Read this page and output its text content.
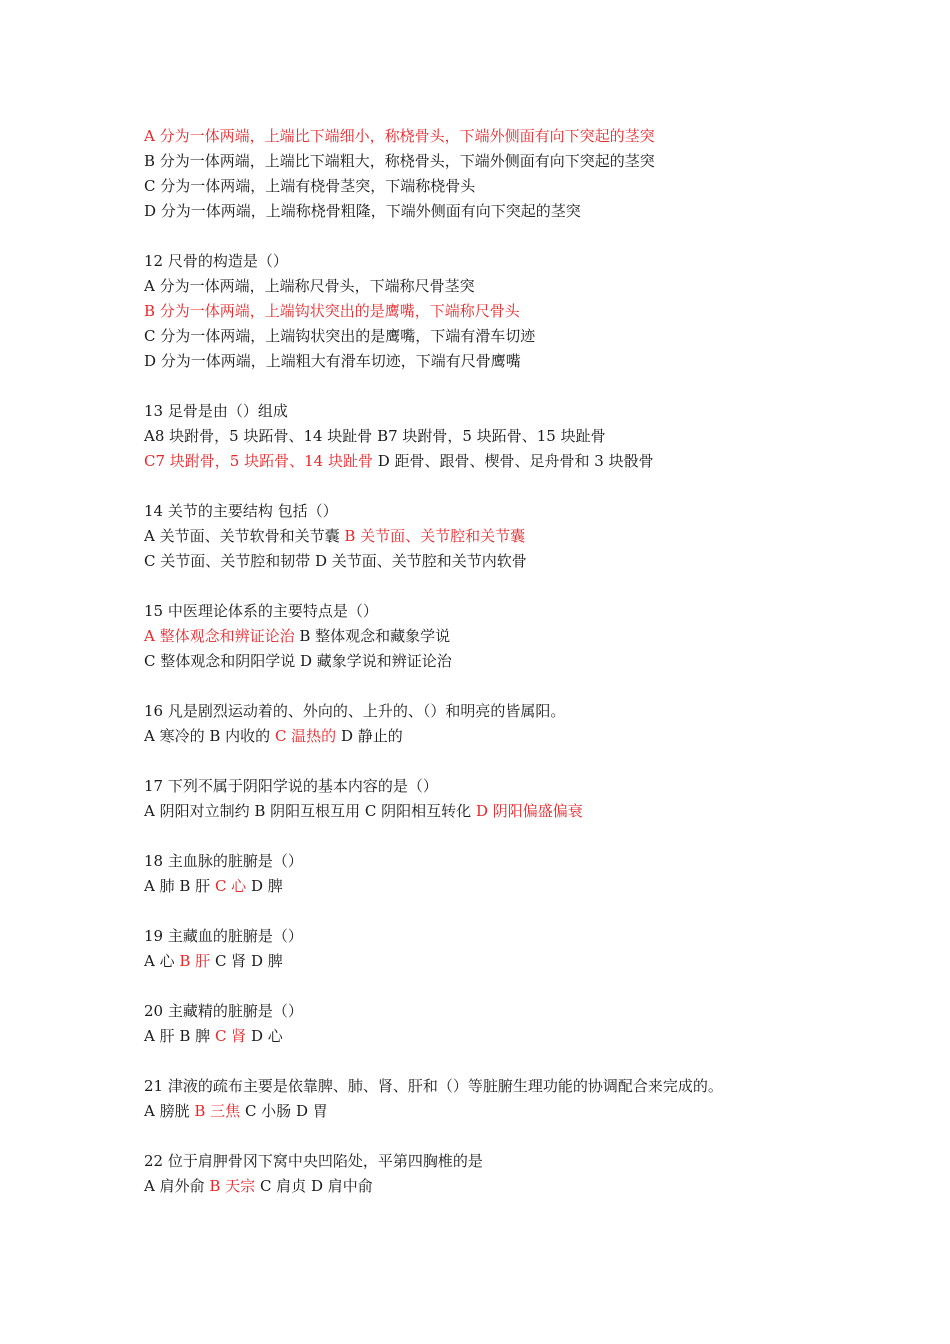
A 分为一体两端，上端比下端细小，称桡骨头，下端外侧面有向下突起的茎突
B 分为一体两端，上端比下端粗大，称桡骨头，下端外侧面有向下突起的茎突
C 分为一体两端，上端有桡骨茎突，下端称桡骨头
D 分为一体两端，上端称桡骨粗隆，下端外侧面有向下突起的茎突
12 尺骨的构造是（）
A 分为一体两端，上端称尺骨头，下端称尺骨茎突
B 分为一体两端，上端钩状突出的是鹰嘴，下端称尺骨头
C 分为一体两端，上端钩状突出的是鹰嘴，下端有滑车切迹
D 分为一体两端，上端粗大有滑车切迹，下端有尺骨鹰嘴
13 足骨是由（）组成
A8 块跗骨，5 块跖骨、14 块趾骨 B7 块跗骨，5 块跖骨、15 块趾骨
C7 块跗骨，5 块跖骨、14 块趾骨 D 距骨、跟骨、楔骨、足舟骨和 3 块骰骨
14 关节的主要结构 包括（）
A 关节面、关节软骨和关节囊 B 关节面、关节腔和关节囊
C 关节面、关节腔和韧带 D 关节面、关节腔和关节内软骨
15 中医理论体系的主要特点是（）
A 整体观念和辨证论治 B 整体观念和藏象学说
C 整体观念和阴阳学说 D 藏象学说和辨证论治
16 凡是剧烈运动着的、外向的、上升的、（）和明亮的皆属阳。
A 寒冷的 B 内收的 C 温热的 D 静止的
17 下列不属于阴阳学说的基本内容的是（）
A 阴阳对立制约 B 阴阳互根互用 C 阴阳相互转化 D 阴阳偏盛偏衰
18 主血脉的脏腑是（）
A 肺 B 肝 C 心 D 脾
19 主藏血的脏腑是（）
A 心 B 肝 C 肾 D 脾
20 主藏精的脏腑是（）
A 肝 B 脾 C 肾 D 心
21 津液的疏布主要是依靠脾、肺、肾、肝和（）等脏腑生理功能的协调配合来完成的。
A 膀胱 B 三焦 C 小肠 D 胃
22 位于肩胛骨冈下窝中央凹陷处，平第四胸椎的是
A 肩外俞 B 天宗 C 肩贞 D 肩中俞
